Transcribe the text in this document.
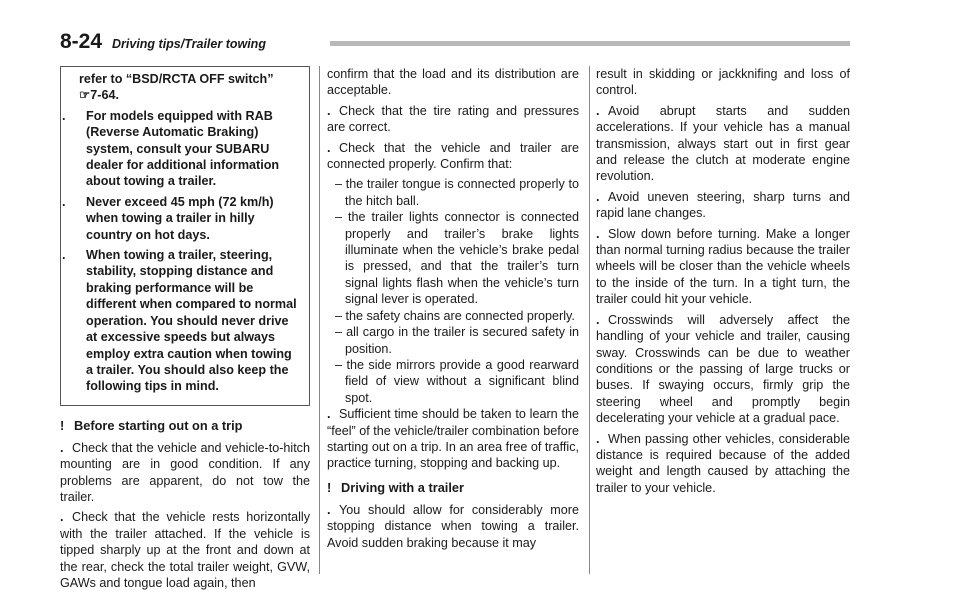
8-24 Driving tips/Trailer towing

refer to “BSD/RCTA OFF switch”
☞7-64.

. For models equipped with RAB (Reverse Automatic Braking) system, consult your SUBARU dealer for additional information about towing a trailer.

. Never exceed 45 mph (72 km/h) when towing a trailer in hilly country on hot days.

. When towing a trailer, steering, stability, stopping distance and braking performance will be different when compared to normal operation. You should never drive at excessive speeds but always employ extra caution when towing a trailer. You should also keep the following tips in mind.

! Before starting out on a trip

. Check that the vehicle and vehicle-to-hitch mounting are in good condition. If any problems are apparent, do not tow the trailer.

. Check that the vehicle rests horizontally with the trailer attached. If the vehicle is tipped sharply up at the front and down at the rear, check the total trailer weight, GVW, GAWs and tongue load again, then

confirm that the load and its distribution are acceptable.

. Check that the tire rating and pressures are correct.

. Check that the vehicle and trailer are connected properly. Confirm that:

– the trailer tongue is connected properly to the hitch ball.

– the trailer lights connector is connected properly and trailer’s brake lights illuminate when the vehicle’s brake pedal is pressed, and that the trailer’s turn signal lights flash when the vehicle’s turn signal lever is operated.

– the safety chains are connected properly.

– all cargo in the trailer is secured safety in position.

– the side mirrors provide a good rearward field of view without a significant blind spot.

. Sufficient time should be taken to learn the “feel” of the vehicle/trailer combination before starting out on a trip. In an area free of traffic, practice turning, stopping and backing up.

! Driving with a trailer

. You should allow for considerably more stopping distance when towing a trailer. Avoid sudden braking because it may

result in skidding or jackknifing and loss of control.

. Avoid abrupt starts and sudden accelerations. If your vehicle has a manual transmission, always start out in first gear and release the clutch at moderate engine revolution.

. Avoid uneven steering, sharp turns and rapid lane changes.

. Slow down before turning. Make a longer than normal turning radius because the trailer wheels will be closer than the vehicle wheels to the inside of the turn. In a tight turn, the trailer could hit your vehicle.

. Crosswinds will adversely affect the handling of your vehicle and trailer, causing sway. Crosswinds can be due to weather conditions or the passing of large trucks or buses. If swaying occurs, firmly grip the steering wheel and promptly begin decelerating your vehicle at a gradual pace.

. When passing other vehicles, considerable distance is required because of the added weight and length caused by attaching the trailer to your vehicle.
